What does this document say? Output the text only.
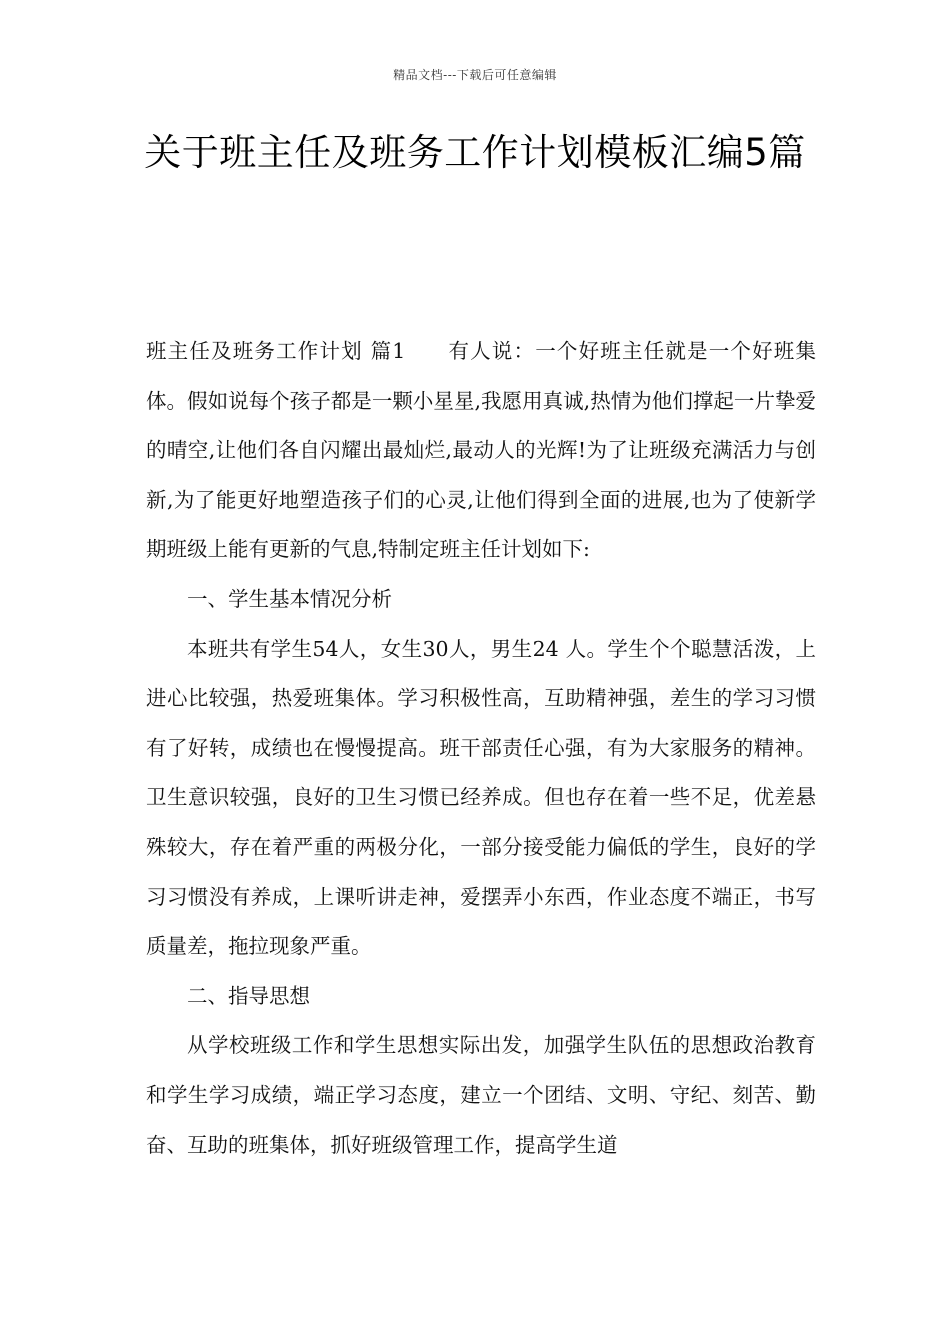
精品文档---下载后可任意编辑
关于班主任及班务工作计划模板汇编5篇

班主任及班务工作计划 篇1 有人说：一个好班主任就是一个好班集体。假如说每个孩子都是一颗小星星,我愿用真诚,热情为他们撑起一片挚爱的晴空,让他们各自闪耀出最灿烂,最动人的光辉!为了让班级充满活力与创新,为了能更好地塑造孩子们的心灵,让他们得到全面的进展,也为了使新学期班级上能有更新的气息,特制定班主任计划如下:

一、学生基本情况分析

本班共有学生54人，女生30人，男生24 人。学生个个聪慧活泼，上进心比较强，热爱班集体。学习积极性高，互助精神强，差生的学习习惯有了好转，成绩也在慢慢提高。班干部责任心强，有为大家服务的精神。卫生意识较强，良好的卫生习惯已经养成。但也存在着一些不足，优差悬殊较大，存在着严重的两极分化，一部分接受能力偏低的学生，良好的学习习惯没有养成，上课听讲走神，爱摆弄小东西，作业态度不端正，书写质量差，拖拉现象严重。

二、指导思想

从学校班级工作和学生思想实际出发，加强学生队伍的思想政治教育和学生学习成绩，端正学习态度，建立一个团结、文明、守纪、刻苦、勤奋、互助的班集体，抓好班级管理工作，提高学生道
